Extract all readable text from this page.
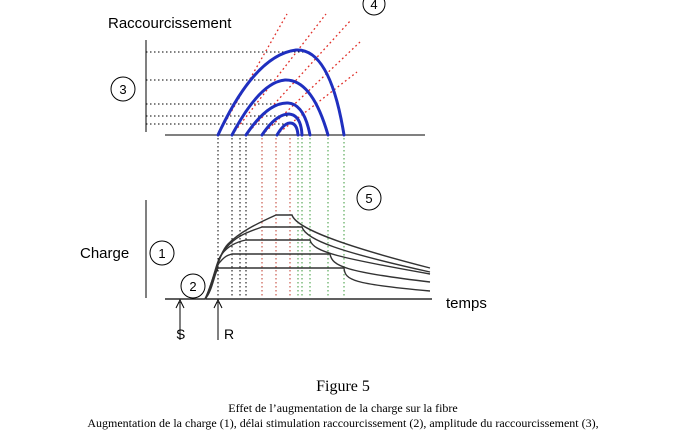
Raccourcissement
4
3
5
Charge 1
2
temps
S	R
Figure 5
Effet de l’augmentation de la charge sur la fibre
Augmentation de la charge (1), délai stimulation raccourcissement (2), amplitude du raccourcissement (3),
